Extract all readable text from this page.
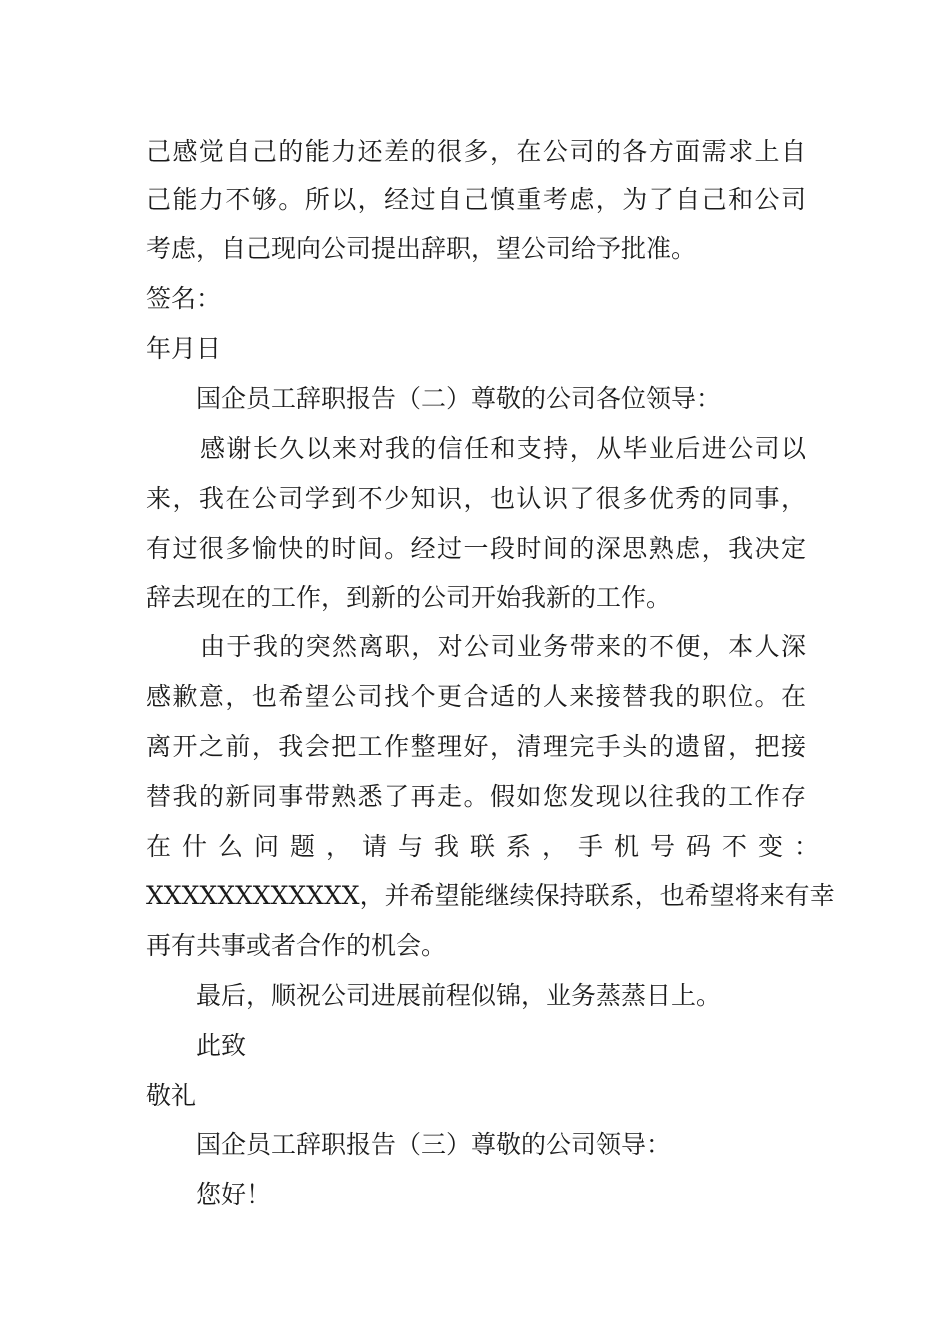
己感觉自己的能力还差的很多，在公司的各方面需求上自

己能力不够。所以，经过自己慎重考虑，为了自己和公司

考虑，自己现向公司提出辞职，望公司给予批准。

签名：

年月日

国企员工辞职报告（二）尊敬的公司各位领导：

感谢长久以来对我的信任和支持，从毕业后进公司以

来，我在公司学到不少知识，也认识了很多优秀的同事，

有过很多愉快的时间。经过一段时间的深思熟虑，我决定

辞去现在的工作，到新的公司开始我新的工作。

由于我的突然离职，对公司业务带来的不便，本人深

感歉意，也希望公司找个更合适的人来接替我的职位。在

离开之前，我会把工作整理好，清理完手头的遗留，把接

替我的新同事带熟悉了再走。假如您发现以往我的工作存

在什么问题，请与我联系，手机号码不变：

XXXXXXXXXXXX，并希望能继续保持联系，也希望将来有幸

再有共事或者合作的机会。

最后，顺祝公司进展前程似锦，业务蒸蒸日上。

此致

敬礼

国企员工辞职报告（三）尊敬的公司领导：

您好！
